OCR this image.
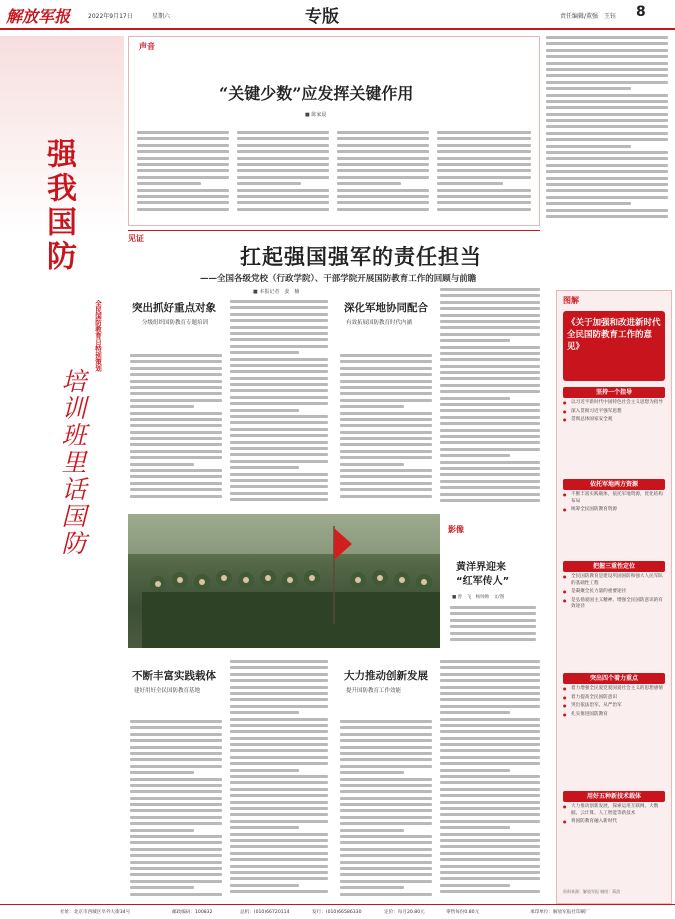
解放军报	2022年9月17日	星期六	专版	责任编辑/董强　王钰 8
声音
“关键少数”应发挥关键作用
■ 陈家晨
强我国防
全民国防教育日特别策划
培训班里话国防
见证
扛起强国强军的责任担当
——全国各级党校（行政学院）、干部学院开展国防教育工作的回顾与前瞻
■ 本报记者　姜　楠
突出抓好重点对象
分级组织国防教育专题培训
深化军地协同配合
有效拓展国防教育时代内涵
影像
黄洋界迎来
“红军传人”
■ 曾　飞　杨帅帅　文/图
不断丰富实践载体
建好用好全民国防教育基地
大力推动创新发展
提升国防教育工作效能
图解
《关于加强和改进新时代全民国防教育工作的意见》
坚持一个指导
● 以习近平新时代中国特色社会主义思想为指导
● 深入贯彻习近平强军思想
● 贯彻总体国家安全观
依托军地两方资源
● 不断丰富实践载体，依托军地资源，优化结构布局
● 统筹全民国防教育资源
把握三重性定位
● 全民国防教育是建设巩固国防和强大人民军队的基础性工程
● 是凝聚全民力量的重要途径
● 是弘扬爱国主义精神、增强全民国防意识的有效途径
突出四个着力重点
● 着力增强全民爱党爱国爱社会主义的思想感情
● 着力提高全民国防意识
● 突出依法治军、从严治军
● 扎实推进国防教育
用好五种新技术载体
● 大力推动创新发展，探索运用互联网、大数据、云计算、人工智能等新技术
● 将国防教育融入新时代
资料来源：解放军报 制图：蒋滨
社址：北京市西城区阜外大街34号	邮政编码：100832	总机：(010)66720114	发行：(010)66586330	定价：每月20.80元	零售每份0.80元	承印单位：解放军报社印刷厂
